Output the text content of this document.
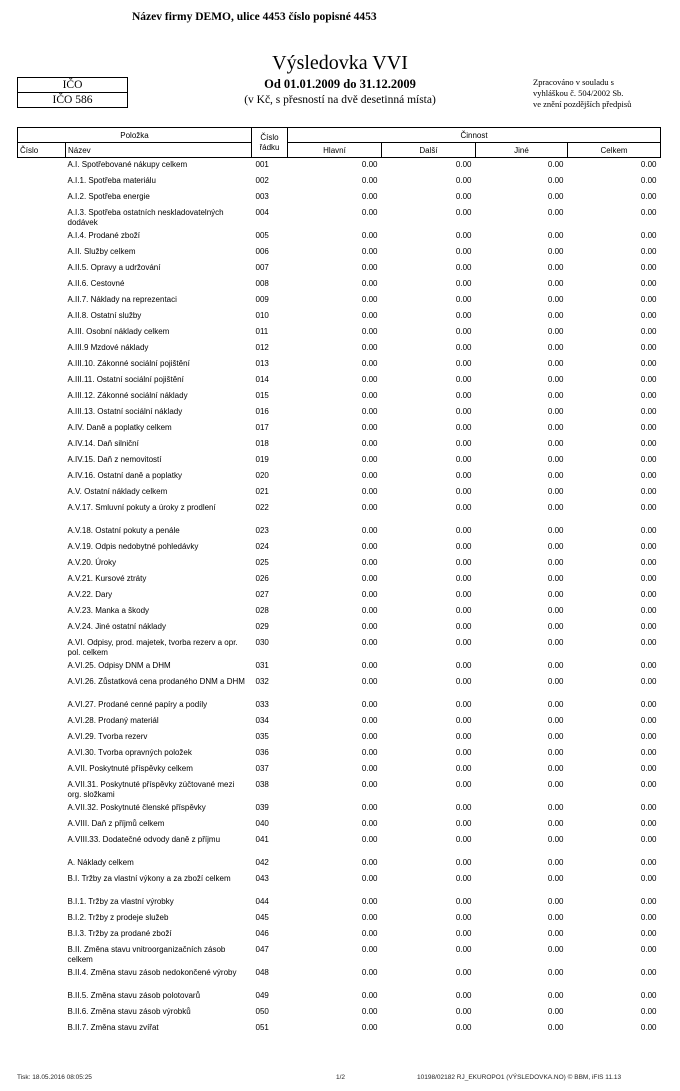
Název firmy DEMO, ulice 4453 číslo popisné 4453
Výsledovka VVI
Od 01.01.2009 do 31.12.2009
(v Kč, s přesností na dvě desetinná místa)
IČO
IČO 586
Zpracováno v souladu s
vyhláškou č. 504/2002 Sb.
ve znění pozdějších předpisů
Položka		Číslo
řádku	Činnost			
Číslo	Název		Hlavní	Další	Jiné	Celkem
	A.I. Spotřebované nákupy celkem	001	0.00	0.00	0.00	0.00
	A.I.1. Spotřeba materiálu	002	0.00	0.00	0.00	0.00
	A.I.2. Spotřeba energie	003	0.00	0.00	0.00	0.00
	A.I.3. Spotřeba ostatních neskladovatelných dodávek	004	0.00	0.00	0.00	0.00
	A.I.4. Prodané zboží	005	0.00	0.00	0.00	0.00
	A.II. Služby celkem	006	0.00	0.00	0.00	0.00
	A.II.5. Opravy a udržování	007	0.00	0.00	0.00	0.00
	A.II.6. Cestovné	008	0.00	0.00	0.00	0.00
	A.II.7. Náklady na reprezentaci	009	0.00	0.00	0.00	0.00
	A.II.8. Ostatní služby	010	0.00	0.00	0.00	0.00
	A.III. Osobní náklady celkem	011	0.00	0.00	0.00	0.00
	A.III.9 Mzdové náklady	012	0.00	0.00	0.00	0.00
	A.III.10. Zákonné sociální pojištění	013	0.00	0.00	0.00	0.00
	A.III.11. Ostatní sociální pojištění	014	0.00	0.00	0.00	0.00
	A.III.12. Zákonné sociální náklady	015	0.00	0.00	0.00	0.00
	A.III.13. Ostatní sociální náklady	016	0.00	0.00	0.00	0.00
	A.IV. Daně a poplatky celkem	017	0.00	0.00	0.00	0.00
	A.IV.14. Daň silniční	018	0.00	0.00	0.00	0.00
	A.IV.15. Daň z nemovitostí	019	0.00	0.00	0.00	0.00
	A.IV.16. Ostatní daně a poplatky	020	0.00	0.00	0.00	0.00
	A.V. Ostatní náklady celkem	021	0.00	0.00	0.00	0.00
	A.V.17. Smluvní pokuty a úroky z prodlení	022	0.00	0.00	0.00	0.00
	A.V.18. Ostatní pokuty a penále	023	0.00	0.00	0.00	0.00
	A.V.19. Odpis nedobytné pohledávky	024	0.00	0.00	0.00	0.00
	A.V.20. Úroky	025	0.00	0.00	0.00	0.00
	A.V.21. Kursové ztráty	026	0.00	0.00	0.00	0.00
	A.V.22. Dary	027	0.00	0.00	0.00	0.00
	A.V.23. Manka a škody	028	0.00	0.00	0.00	0.00
	A.V.24. Jiné ostatní náklady	029	0.00	0.00	0.00	0.00
	A.VI. Odpisy, prod. majetek, tvorba rezerv a opr. pol. celkem	030	0.00	0.00	0.00	0.00
	A.VI.25. Odpisy DNM a DHM	031	0.00	0.00	0.00	0.00
	A.VI.26. Zůstatková cena prodaného DNM a DHM	032	0.00	0.00	0.00	0.00
	A.VI.27. Prodané cenné papíry a podíly	033	0.00	0.00	0.00	0.00
	A.VI.28. Prodaný materiál	034	0.00	0.00	0.00	0.00
	A.VI.29. Tvorba rezerv	035	0.00	0.00	0.00	0.00
	A.VI.30. Tvorba opravných položek	036	0.00	0.00	0.00	0.00
	A.VII. Poskytnuté příspěvky celkem	037	0.00	0.00	0.00	0.00
	A.VII.31. Poskytnuté příspěvky zúčtované mezi org. složkami	038	0.00	0.00	0.00	0.00
	A.VII.32. Poskytnuté členské příspěvky	039	0.00	0.00	0.00	0.00
	A.VIII. Daň z příjmů celkem	040	0.00	0.00	0.00	0.00
	A.VIII.33. Dodatečné odvody daně z příjmu	041	0.00	0.00	0.00	0.00
	A. Náklady celkem	042	0.00	0.00	0.00	0.00
	B.I. Tržby za vlastní výkony a za zboží celkem	043	0.00	0.00	0.00	0.00
	B.I.1. Tržby za vlastní výrobky	044	0.00	0.00	0.00	0.00
	B.I.2. Tržby z prodeje služeb	045	0.00	0.00	0.00	0.00
	B.I.3. Tržby za prodané zboží	046	0.00	0.00	0.00	0.00
	B.II. Změna stavu vnitroorganizačních zásob celkem	047	0.00	0.00	0.00	0.00
	B.II.4. Změna stavu zásob nedokončené výroby	048	0.00	0.00	0.00	0.00
	B.II.5. Změna stavu zásob polotovarů	049	0.00	0.00	0.00	0.00
	B.II.6. Změna stavu zásob výrobků	050	0.00	0.00	0.00	0.00
	B.II.7. Změna stavu zvířat	051	0.00	0.00	0.00	0.00
Tisk: 18.05.2016 08:05:25	1/2	10198/02182 RJ_EKUROPO1 (VÝSLEDOVKA.NO) © BBM, iFIS 11.13
